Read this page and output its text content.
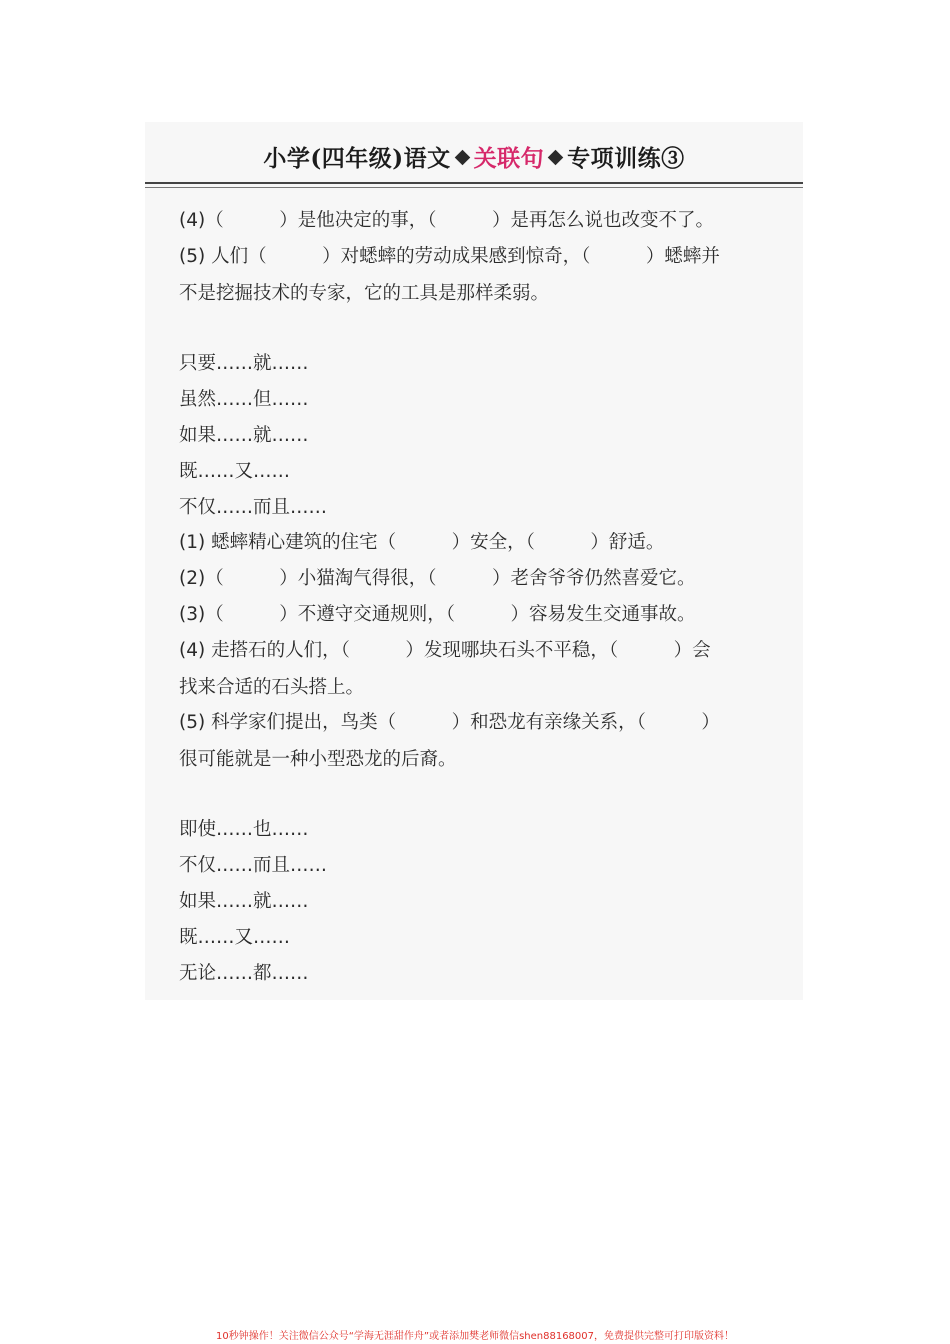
小学(四年级)语文 关联句 专项训练③
(4)（　　　）是他决定的事，（　　　）是再怎么说也改变不了。
(5) 人们（　　　）对蟋蟀的劳动成果感到惊奇，（　　　）蟋蟀并
不是挖掘技术的专家，它的工具是那样柔弱。
只要……就……
虽然……但……
如果……就……
既……又……
不仅……而且……
(1) 蟋蟀精心建筑的住宅（　　　）安全，（　　　）舒适。
(2)（　　　）小猫淘气得很，（　　　）老舍爷爷仍然喜爱它。
(3)（　　　）不遵守交通规则，（　　　）容易发生交通事故。
(4) 走搭石的人们，（　　　）发现哪块石头不平稳，（　　　）会
找来合适的石头搭上。
(5) 科学家们提出，鸟类（　　　）和恐龙有亲缘关系，（　　　）
很可能就是一种小型恐龙的后裔。
即使……也……
不仅……而且……
如果……就……
既……又……
无论……都……
10秒钟操作！关注微信公众号“学海无涯甜作舟”或者添加樊老师微信shen88168007，免费提供完整可打印版资料！
